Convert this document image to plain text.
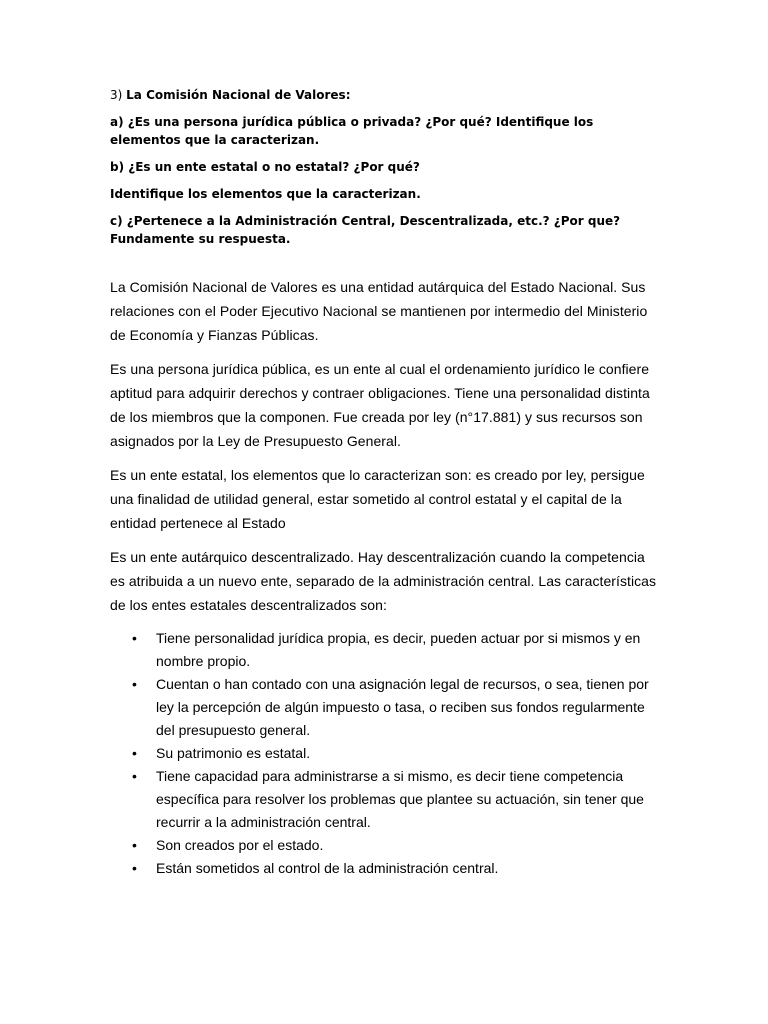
3) La Comisión Nacional de Valores:

a) ¿Es una persona jurídica pública o privada? ¿Por qué? Identifique los elementos que la caracterizan.

b) ¿Es un ente estatal o no estatal? ¿Por qué?

Identifique los elementos que la caracterizan.

c) ¿Pertenece a la Administración Central, Descentralizada, etc.? ¿Por que? Fundamente su respuesta.

La Comisión Nacional de Valores es una entidad autárquica del Estado Nacional. Sus relaciones con el Poder Ejecutivo Nacional se mantienen por intermedio del Ministerio de Economía y Fianzas Públicas.

Es una persona jurídica pública, es un ente al cual el ordenamiento jurídico le confiere aptitud para adquirir derechos y contraer obligaciones. Tiene una personalidad distinta de los miembros que la componen. Fue creada por ley (n°17.881) y sus recursos son asignados por la Ley de Presupuesto General.

Es un ente estatal, los elementos que lo caracterizan son: es creado por ley, persigue una finalidad de utilidad general, estar sometido al control estatal y el capital de la entidad pertenece al Estado

Es un ente autárquico descentralizado. Hay descentralización cuando la competencia es atribuida a un nuevo ente, separado de la administración central. Las características de los entes estatales descentralizados son:

• Tiene personalidad jurídica propia, es decir, pueden actuar por si mismos y en nombre propio.
• Cuentan o han contado con una asignación legal de recursos, o sea, tienen por ley la percepción de algún impuesto o tasa, o reciben sus fondos regularmente del presupuesto general.
• Su patrimonio es estatal.
• Tiene capacidad para administrarse a si mismo, es decir tiene competencia específica para resolver los problemas que plantee su actuación, sin tener que recurrir a la administración central.
• Son creados por el estado.
• Están sometidos al control de la administración central.
